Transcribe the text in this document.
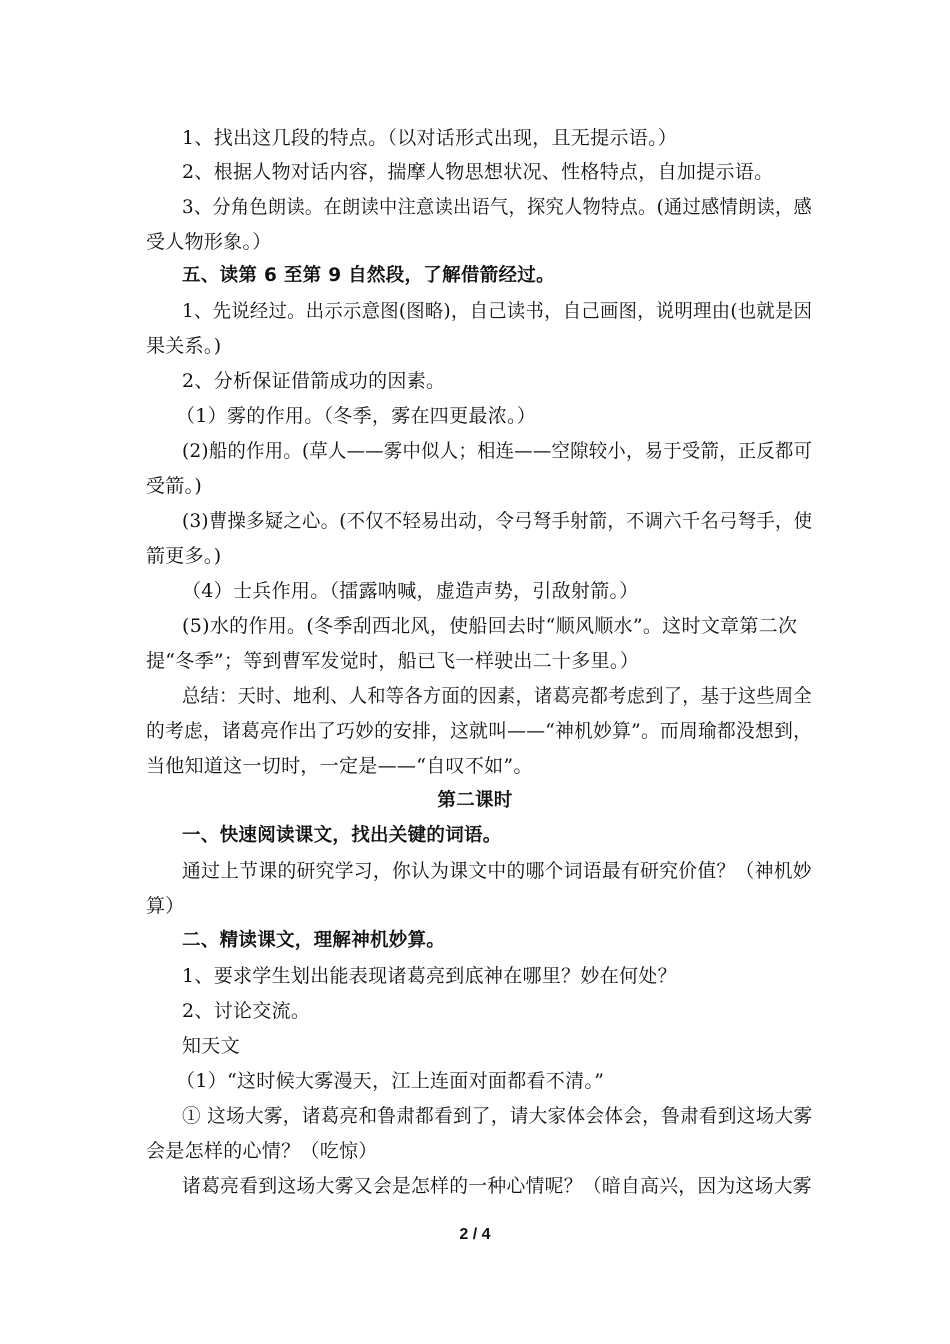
1、找出这几段的特点。（以对话形式出现，且无提示语。）
2、根据人物对话内容，揣摩人物思想状况、性格特点，自加提示语。
3、分角色朗读。在朗读中注意读出语气，探究人物特点。(通过感情朗读，感
受人物形象。）
五、读第 6 至第 9 自然段，了解借箭经过。
1、先说经过。出示示意图(图略)，自己读书，自己画图，说明理由(也就是因
果关系。)
2、分析保证借箭成功的因素。
（1）雾的作用。（冬季，雾在四更最浓。）
(2)船的作用。(草人——雾中似人；相连——空隙较小，易于受箭，正反都可
受箭。)
(3)曹操多疑之心。(不仅不轻易出动，令弓弩手射箭，不调六千名弓弩手，使
箭更多。)
（4）士兵作用。（擂露呐喊，虚造声势，引敌射箭。）
(5)水的作用。(冬季刮西北风，使船回去时“顺风顺水”。这时文章第二次
提“冬季”；等到曹军发觉时，船已飞一样驶出二十多里。）
总结：天时、地利、人和等各方面的因素，诸葛亮都考虑到了，基于这些周全
的考虑，诸葛亮作出了巧妙的安排，这就叫——“神机妙算”。而周瑜都没想到，
当他知道这一切时，一定是——“自叹不如”。
第二课时
一、快速阅读课文，找出关键的词语。
通过上节课的研究学习，你认为课文中的哪个词语最有研究价值？（神机妙
算）
二、精读课文，理解神机妙算。
1、要求学生划出能表现诸葛亮到底神在哪里？妙在何处？
2、讨论交流。
知天文
（1）“这时候大雾漫天，江上连面对面都看不清。”
① 这场大雾，诸葛亮和鲁肃都看到了，请大家体会体会，鲁肃看到这场大雾
会是怎样的心情？（吃惊）
诸葛亮看到这场大雾又会是怎样的一种心情呢？（暗自高兴，因为这场大雾
2 / 4
